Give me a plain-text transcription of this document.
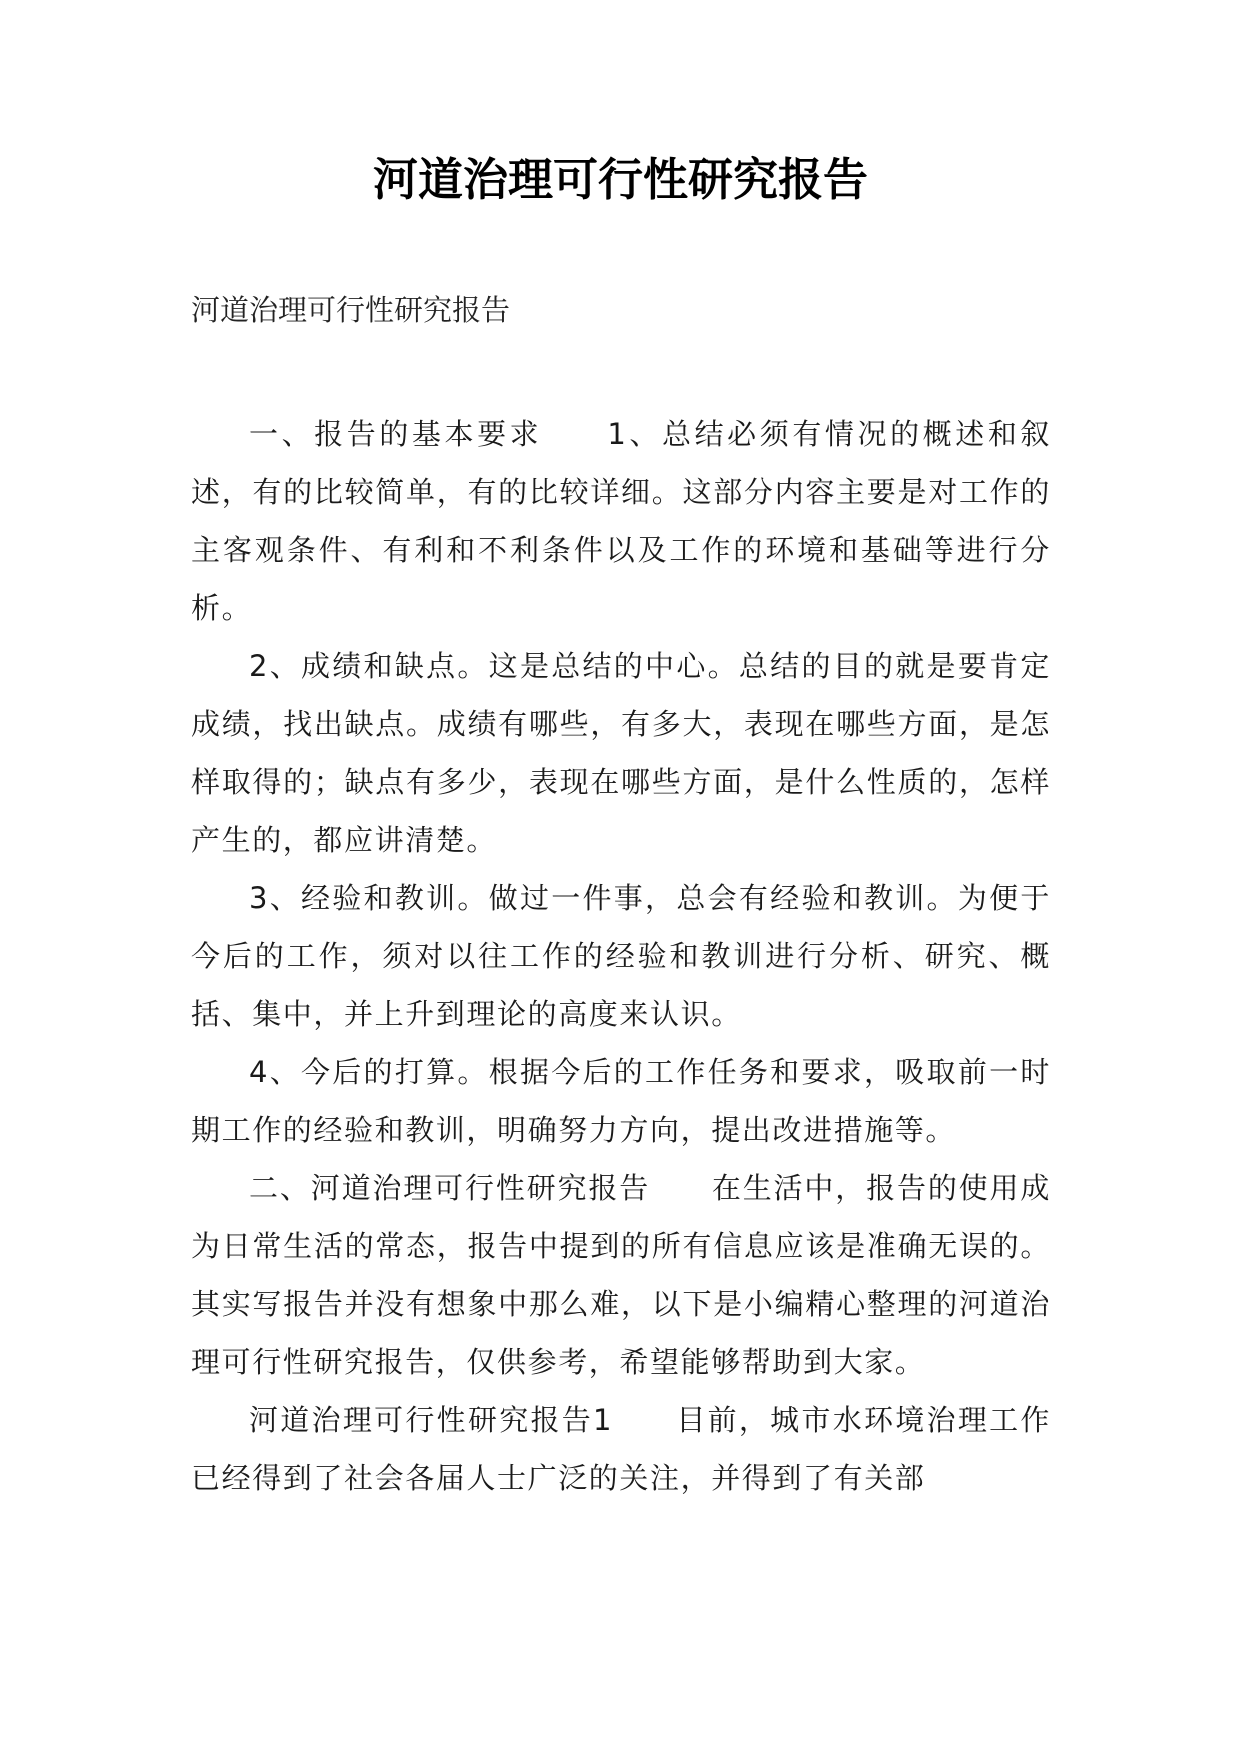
河道治理可行性研究报告
河道治理可行性研究报告

一、报告的基本要求　　1、总结必须有情况的概述和叙述，有的比较简单，有的比较详细。这部分内容主要是对工作的主客观条件、有利和不利条件以及工作的环境和基础等进行分析。

2、成绩和缺点。这是总结的中心。总结的目的就是要肯定成绩，找出缺点。成绩有哪些，有多大，表现在哪些方面，是怎样取得的；缺点有多少，表现在哪些方面，是什么性质的，怎样产生的，都应讲清楚。

3、经验和教训。做过一件事，总会有经验和教训。为便于今后的工作，须对以往工作的经验和教训进行分析、研究、概括、集中，并上升到理论的高度来认识。

4、今后的打算。根据今后的工作任务和要求，吸取前一时期工作的经验和教训，明确努力方向，提出改进措施等。

二、河道治理可行性研究报告　　在生活中，报告的使用成为日常生活的常态，报告中提到的所有信息应该是准确无误的。其实写报告并没有想象中那么难，以下是小编精心整理的河道治理可行性研究报告，仅供参考，希望能够帮助到大家。

河道治理可行性研究报告1　　目前，城市水环境治理工作已经得到了社会各届人士广泛的关注，并得到了有关部
